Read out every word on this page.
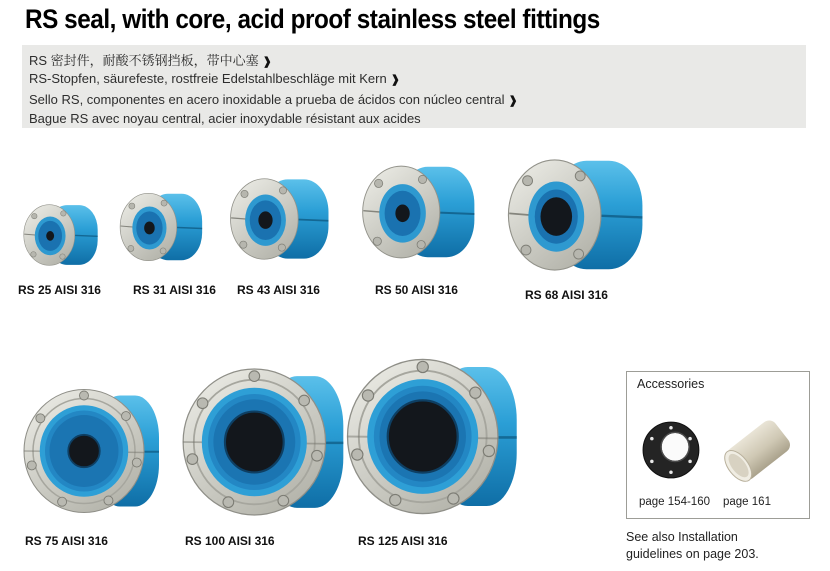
RS seal, with core, acid proof stainless steel fittings
RS 密封件，耐酸不锈钢挡板，带中心塞 ❱
RS-Stopfen, säurefeste, rostfreie Edelstahlbeschläge mit Kern ❱
Sello RS, componentes en acero inoxidable a prueba de ácidos con núcleo central ❱
Bague RS avec noyau central, acier inoxydable résistant aux acides
RS 25 AISI 316	RS 31 AISI 316 RS 43 AISI 316	RS 50 AISI 316	RS 68 AISI 316
RS 75 AISI 316	RS 100 AISI 316	RS 125 AISI 316
Accessories
page 154-160 page 161
See also Installation
guidelines on page 203.
